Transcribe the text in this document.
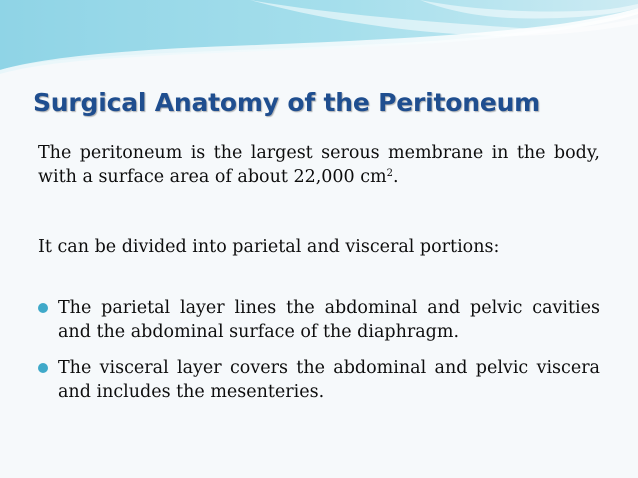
Surgical Anatomy of the Peritoneum

The peritoneum is the largest serous membrane in the body, with a surface area of about 22,000 $cm^2$.

It can be divided into parietal and visceral portions:

The parietal layer lines the abdominal and pelvic cavities and the abdominal surface of the diaphragm.
The visceral layer covers the abdominal and pelvic viscera and includes the mesenteries.
